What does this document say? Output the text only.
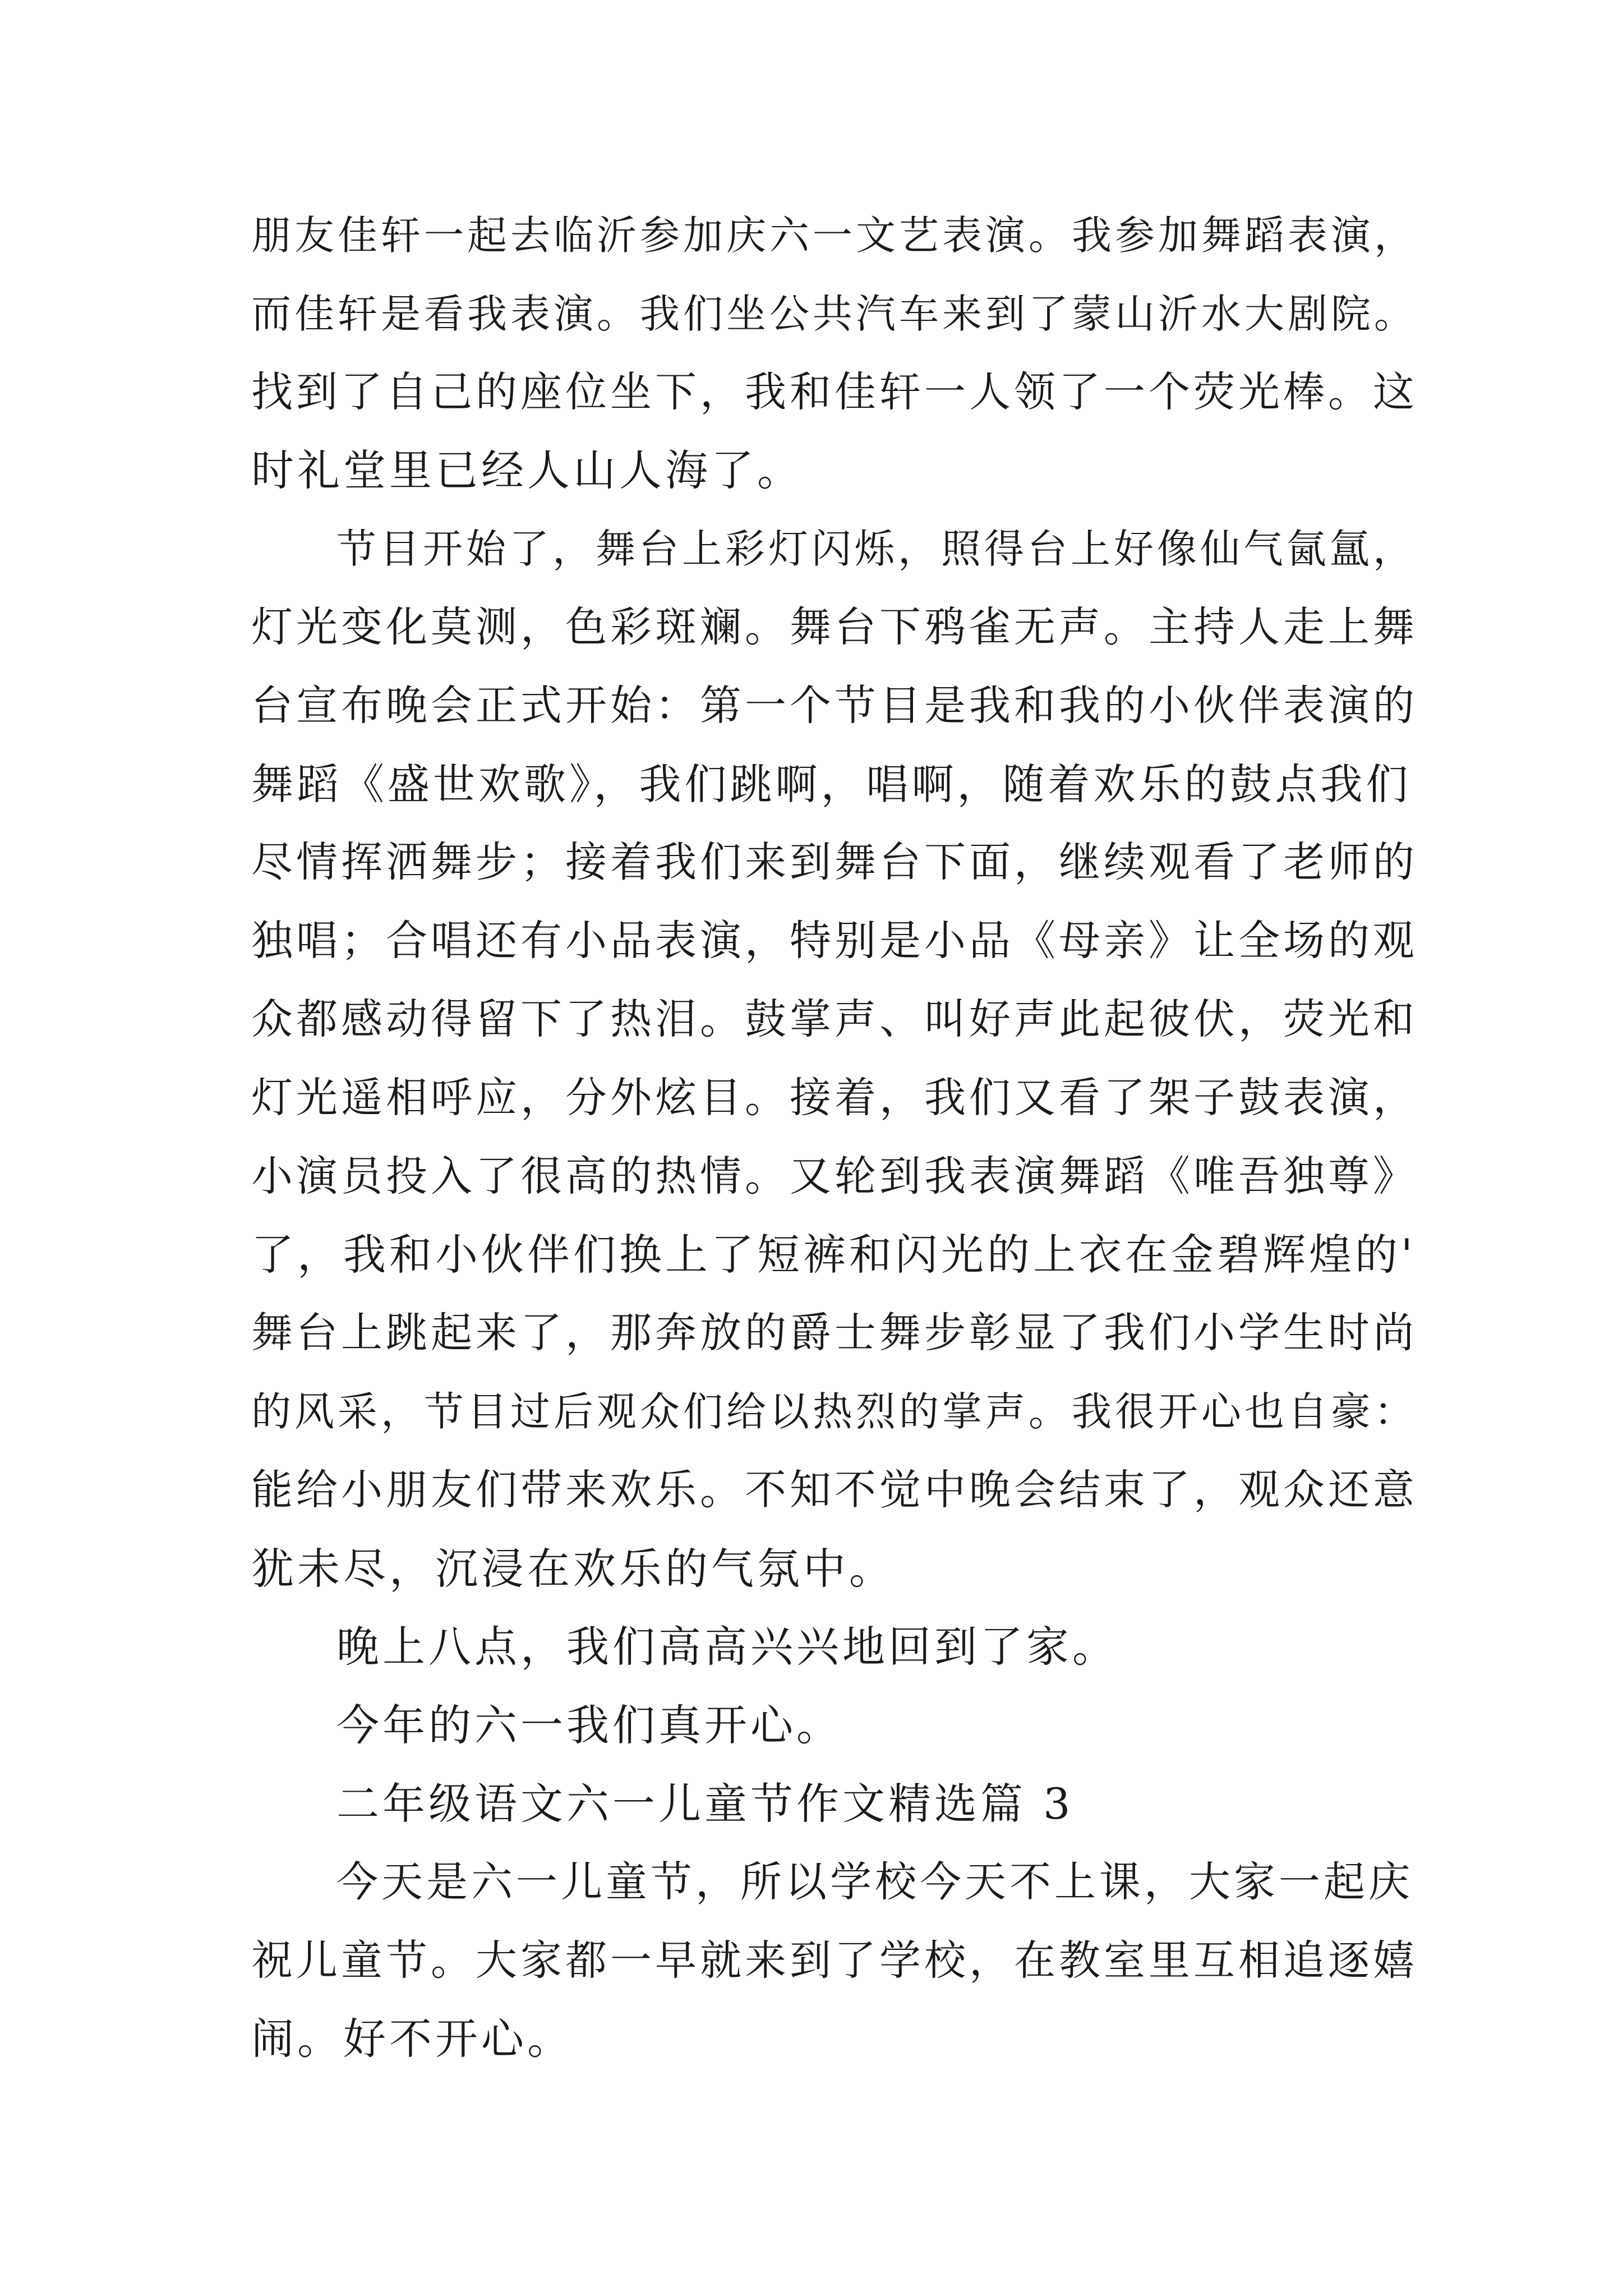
朋友佳轩一起去临沂参加庆六一文艺表演。我参加舞蹈表演，
而佳轩是看我表演。我们坐公共汽车来到了蒙山沂水大剧院。
找到了自己的座位坐下，我和佳轩一人领了一个荧光棒。这
时礼堂里已经人山人海了。
节目开始了，舞台上彩灯闪烁，照得台上好像仙气氤氲，
灯光变化莫测，色彩斑斓。舞台下鸦雀无声。主持人走上舞
台宣布晚会正式开始：第一个节目是我和我的小伙伴表演的
舞蹈《盛世欢歌》，我们跳啊，唱啊，随着欢乐的鼓点我们
尽情挥洒舞步；接着我们来到舞台下面，继续观看了老师的
独唱；合唱还有小品表演，特别是小品《母亲》让全场的观
众都感动得留下了热泪。鼓掌声、叫好声此起彼伏，荧光和
灯光遥相呼应，分外炫目。接着，我们又看了架子鼓表演，
小演员投入了很高的热情。又轮到我表演舞蹈《唯吾独尊》
了，我和小伙伴们换上了短裤和闪光的上衣在金碧辉煌的'
舞台上跳起来了，那奔放的爵士舞步彰显了我们小学生时尚
的风采，节目过后观众们给以热烈的掌声。我很开心也自豪：
能给小朋友们带来欢乐。不知不觉中晚会结束了，观众还意
犹未尽，沉浸在欢乐的气氛中。
晚上八点，我们高高兴兴地回到了家。
今年的六一我们真开心。
二年级语文六一儿童节作文精选篇 3
今天是六一儿童节，所以学校今天不上课，大家一起庆
祝儿童节。大家都一早就来到了学校，在教室里互相追逐嬉
闹。好不开心。
